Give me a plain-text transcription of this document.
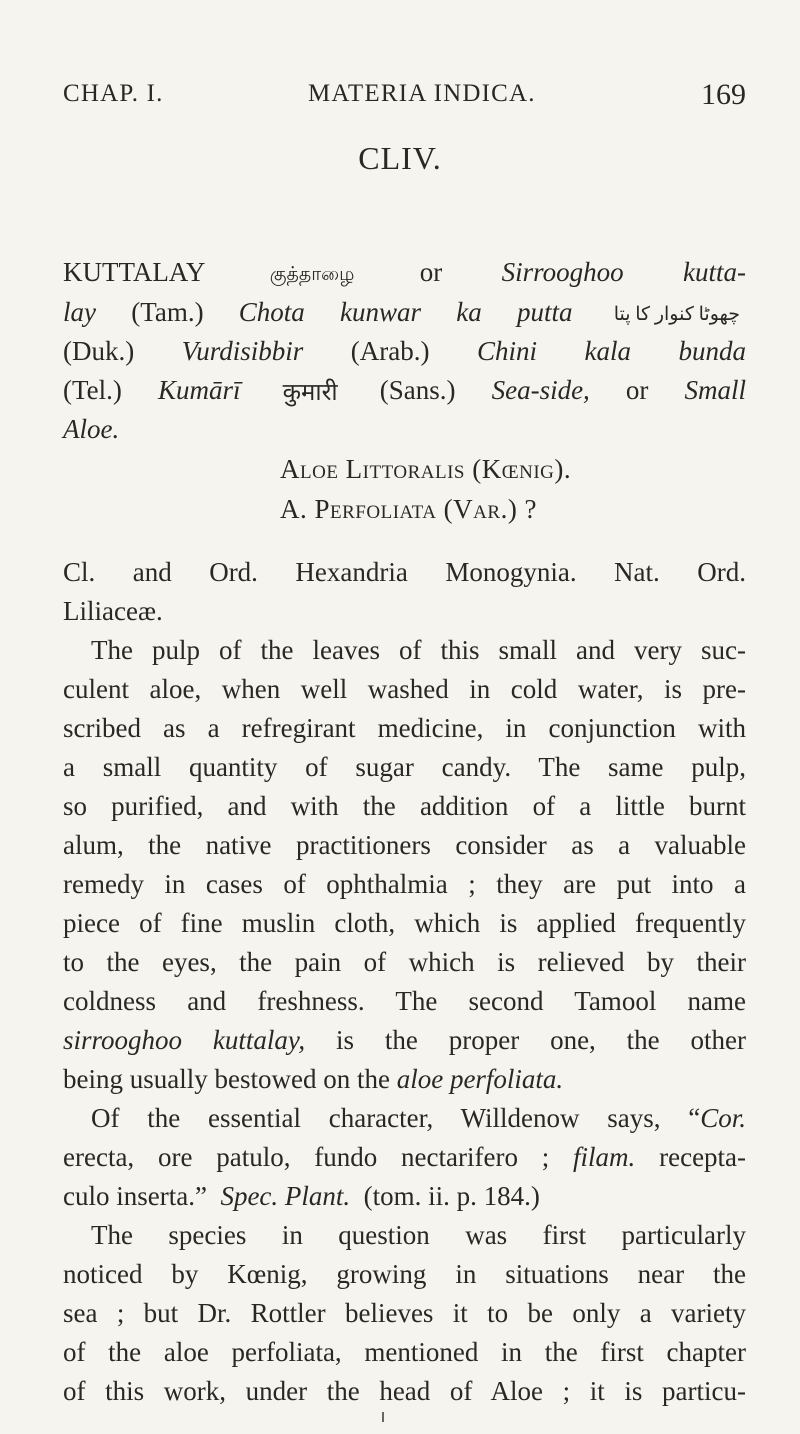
CHAP. I.	MATERIA INDICA.	169
CLIV.
KUTTALAY	குத்தாழை or Sirrooghoo kutta-
lay (Tam.) Chota kunwar ka putta چهوٹا کنوار کا پتا
(Duk.) Vurdisibbir (Arab.) Chini kala bunda
(Tel.) Kumārī कुमारी (Sans.) Sea-side, or Small
Aloe.
Aloe Littoralis (Kœnig).
A. Perfoliata (Var.) ?
Cl. and Ord. Hexandria Monogynia. Nat. Ord.
Liliaceæ.
The pulp of the leaves of this small and very suc-
culent aloe, when well washed in cold water, is pre-
scribed as a refregirant medicine, in conjunction with
a small quantity of sugar candy. The same pulp,
so purified, and with the addition of a little burnt
alum, the native practitioners consider as a valuable
remedy in cases of ophthalmia ; they are put into a
piece of fine muslin cloth, which is applied frequently
to the eyes, the pain of which is relieved by their
coldness and freshness. The second Tamool name
sirrooghoo kuttalay, is the proper one, the other
being usually bestowed on the aloe perfoliata.
Of the essential character, Willdenow says, “Cor.
erecta, ore patulo, fundo nectarifero ; filam. recepta-
culo inserta.” Spec. Plant. (tom. ii. p. 184.)
The species in question was first particularly
noticed by Kœnig, growing in situations near the
sea ; but Dr. Rottler believes it to be only a variety
of the aloe perfoliata, mentioned in the first chapter
of this work, under the head of Aloe ; it is particu-
